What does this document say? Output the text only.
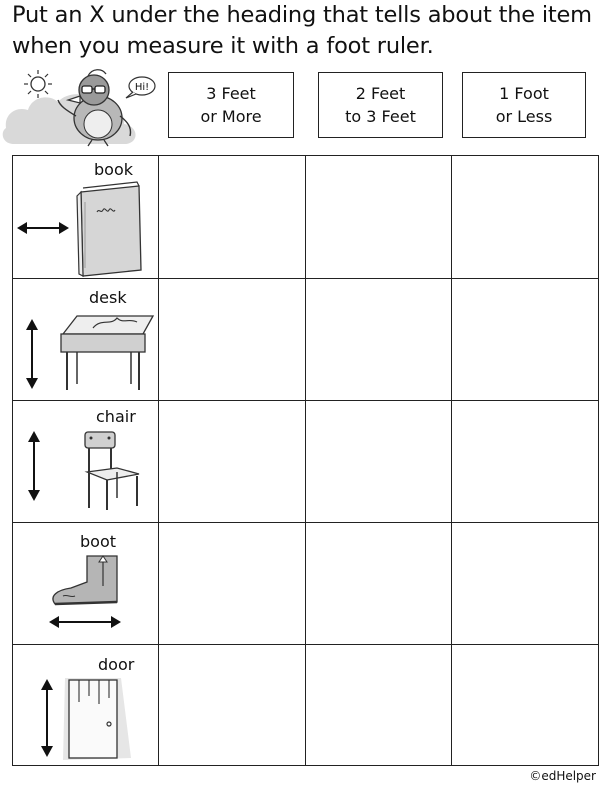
Put an X under the heading that tells about the item
when you measure it with a foot ruler.
Hi!	3 Feet
or More
2 Feet
to 3 Feet
1 Foot
or Less
book
desk
chair
boot
door
©edHelper
